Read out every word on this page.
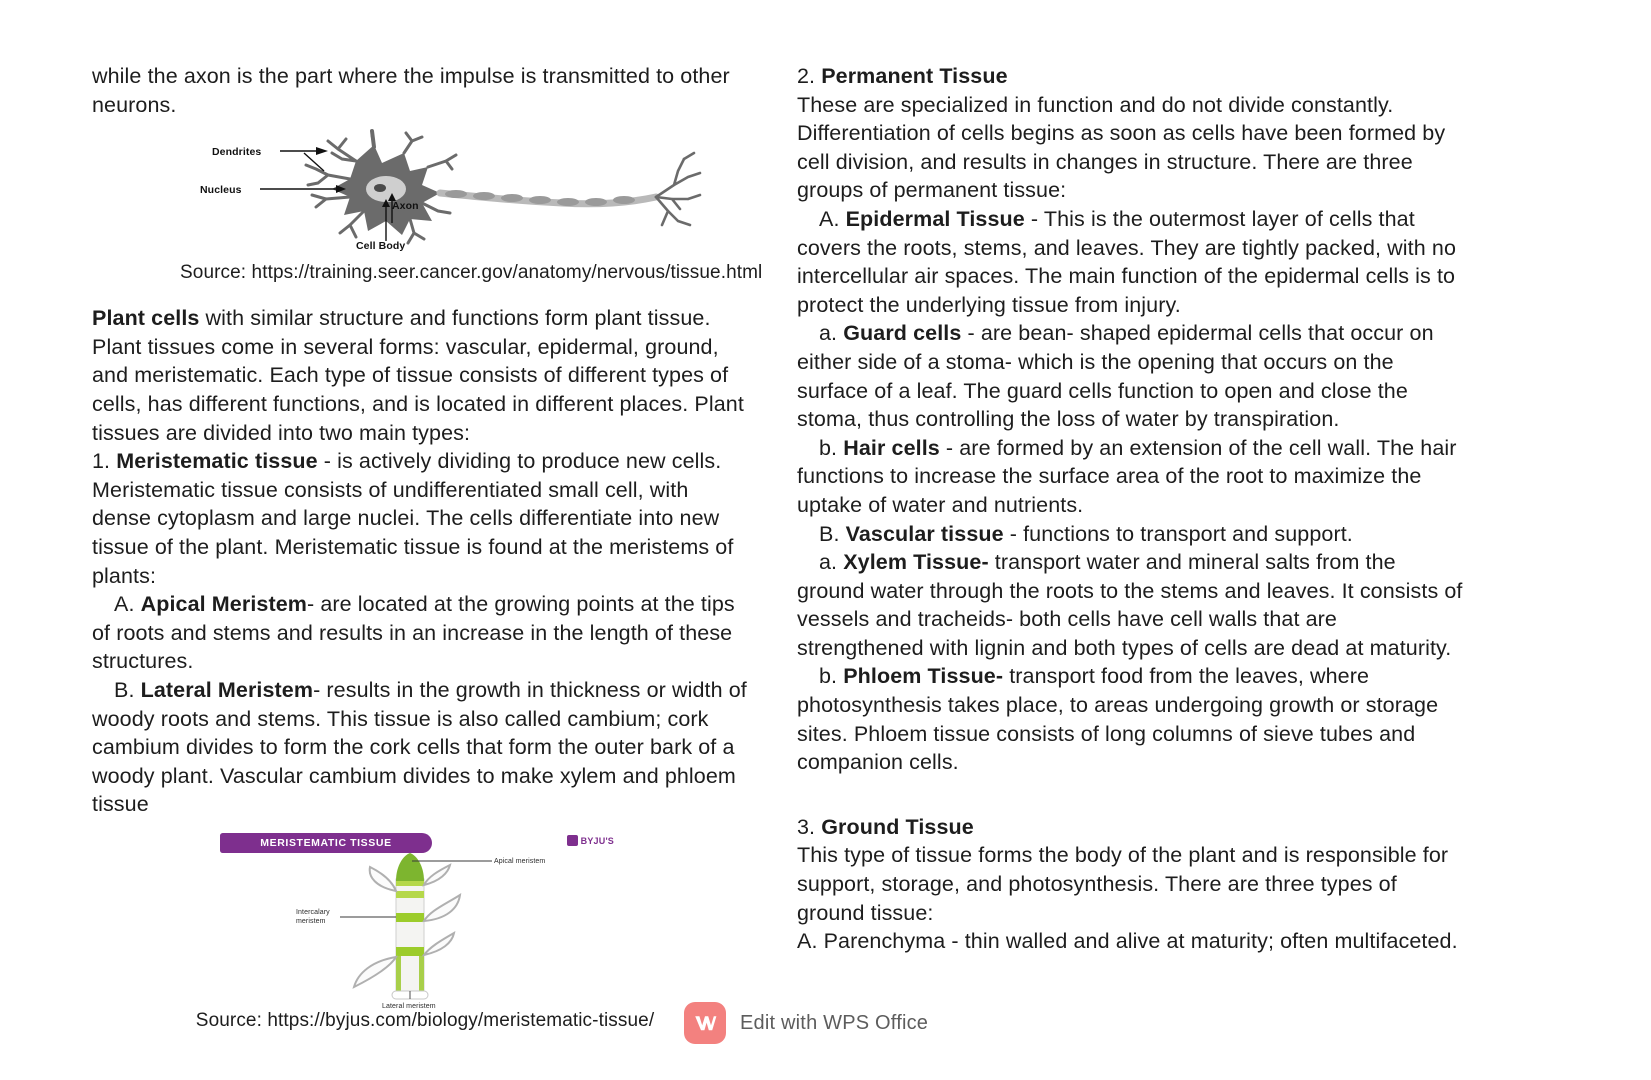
while the axon is the part where the impulse is transmitted to other neurons.

Dendrites
Nucleus
Axon
Cell Body

Source: https://training.seer.cancer.gov/anatomy/nervous/tissue.html

Plant cells with similar structure and functions form plant tissue.

Plant tissues come in several forms: vascular, epidermal, ground, and meristematic. Each type of tissue consists of different types of cells, has different functions, and is located in different places. Plant tissues are divided into two main types:

1. Meristematic tissue - is actively dividing to produce new cells. Meristematic tissue consists of undifferentiated small cell, with dense cytoplasm and large nuclei. The cells differentiate into new tissue of the plant. Meristematic tissue is found at the meristems of plants:

A. Apical Meristem- are located at the growing points at the tips of roots and stems and results in an increase in the length of these structures.

B. Lateral Meristem- results in the growth in thickness or width of woody roots and stems. This tissue is also called cambium; cork cambium divides to form the cork cells that form the outer bark of a woody plant. Vascular cambium divides to make xylem and phloem tissue

MERISTEMATIC TISSUE	BYJU'S
Apical meristem
Intercalary
meristem
Lateral meristem

Source: https://byjus.com/biology/meristematic-tissue/

2. Permanent Tissue

These are specialized in function and do not divide constantly. Differentiation of cells begins as soon as cells have been formed by cell division, and results in changes in structure. There are three groups of permanent tissue:

A. Epidermal Tissue - This is the outermost layer of cells that covers the roots, stems, and leaves. They are tightly packed, with no intercellular air spaces. The main function of the epidermal cells is to protect the underlying tissue from injury.

a. Guard cells - are bean- shaped epidermal cells that occur on either side of a stoma- which is the opening that occurs on the surface of a leaf. The guard cells function to open and close the stoma, thus controlling the loss of water by transpiration.

b. Hair cells - are formed by an extension of the cell wall. The hair functions to increase the surface area of the root to maximize the uptake of water and nutrients.

B. Vascular tissue - functions to transport and support.

a. Xylem Tissue- transport water and mineral salts from the ground water through the roots to the stems and leaves. It consists of vessels and tracheids- both cells have cell walls that are strengthened with lignin and both types of cells are dead at maturity.

b. Phloem Tissue- transport food from the leaves, where photosynthesis takes place, to areas undergoing growth or storage sites. Phloem tissue consists of long columns of sieve tubes and companion cells.

3. Ground Tissue

This type of tissue forms the body of the plant and is responsible for support, storage, and photosynthesis. There are three types of ground tissue:

A. Parenchyma - thin walled and alive at maturity; often multifaceted.

Edit with WPS Office
